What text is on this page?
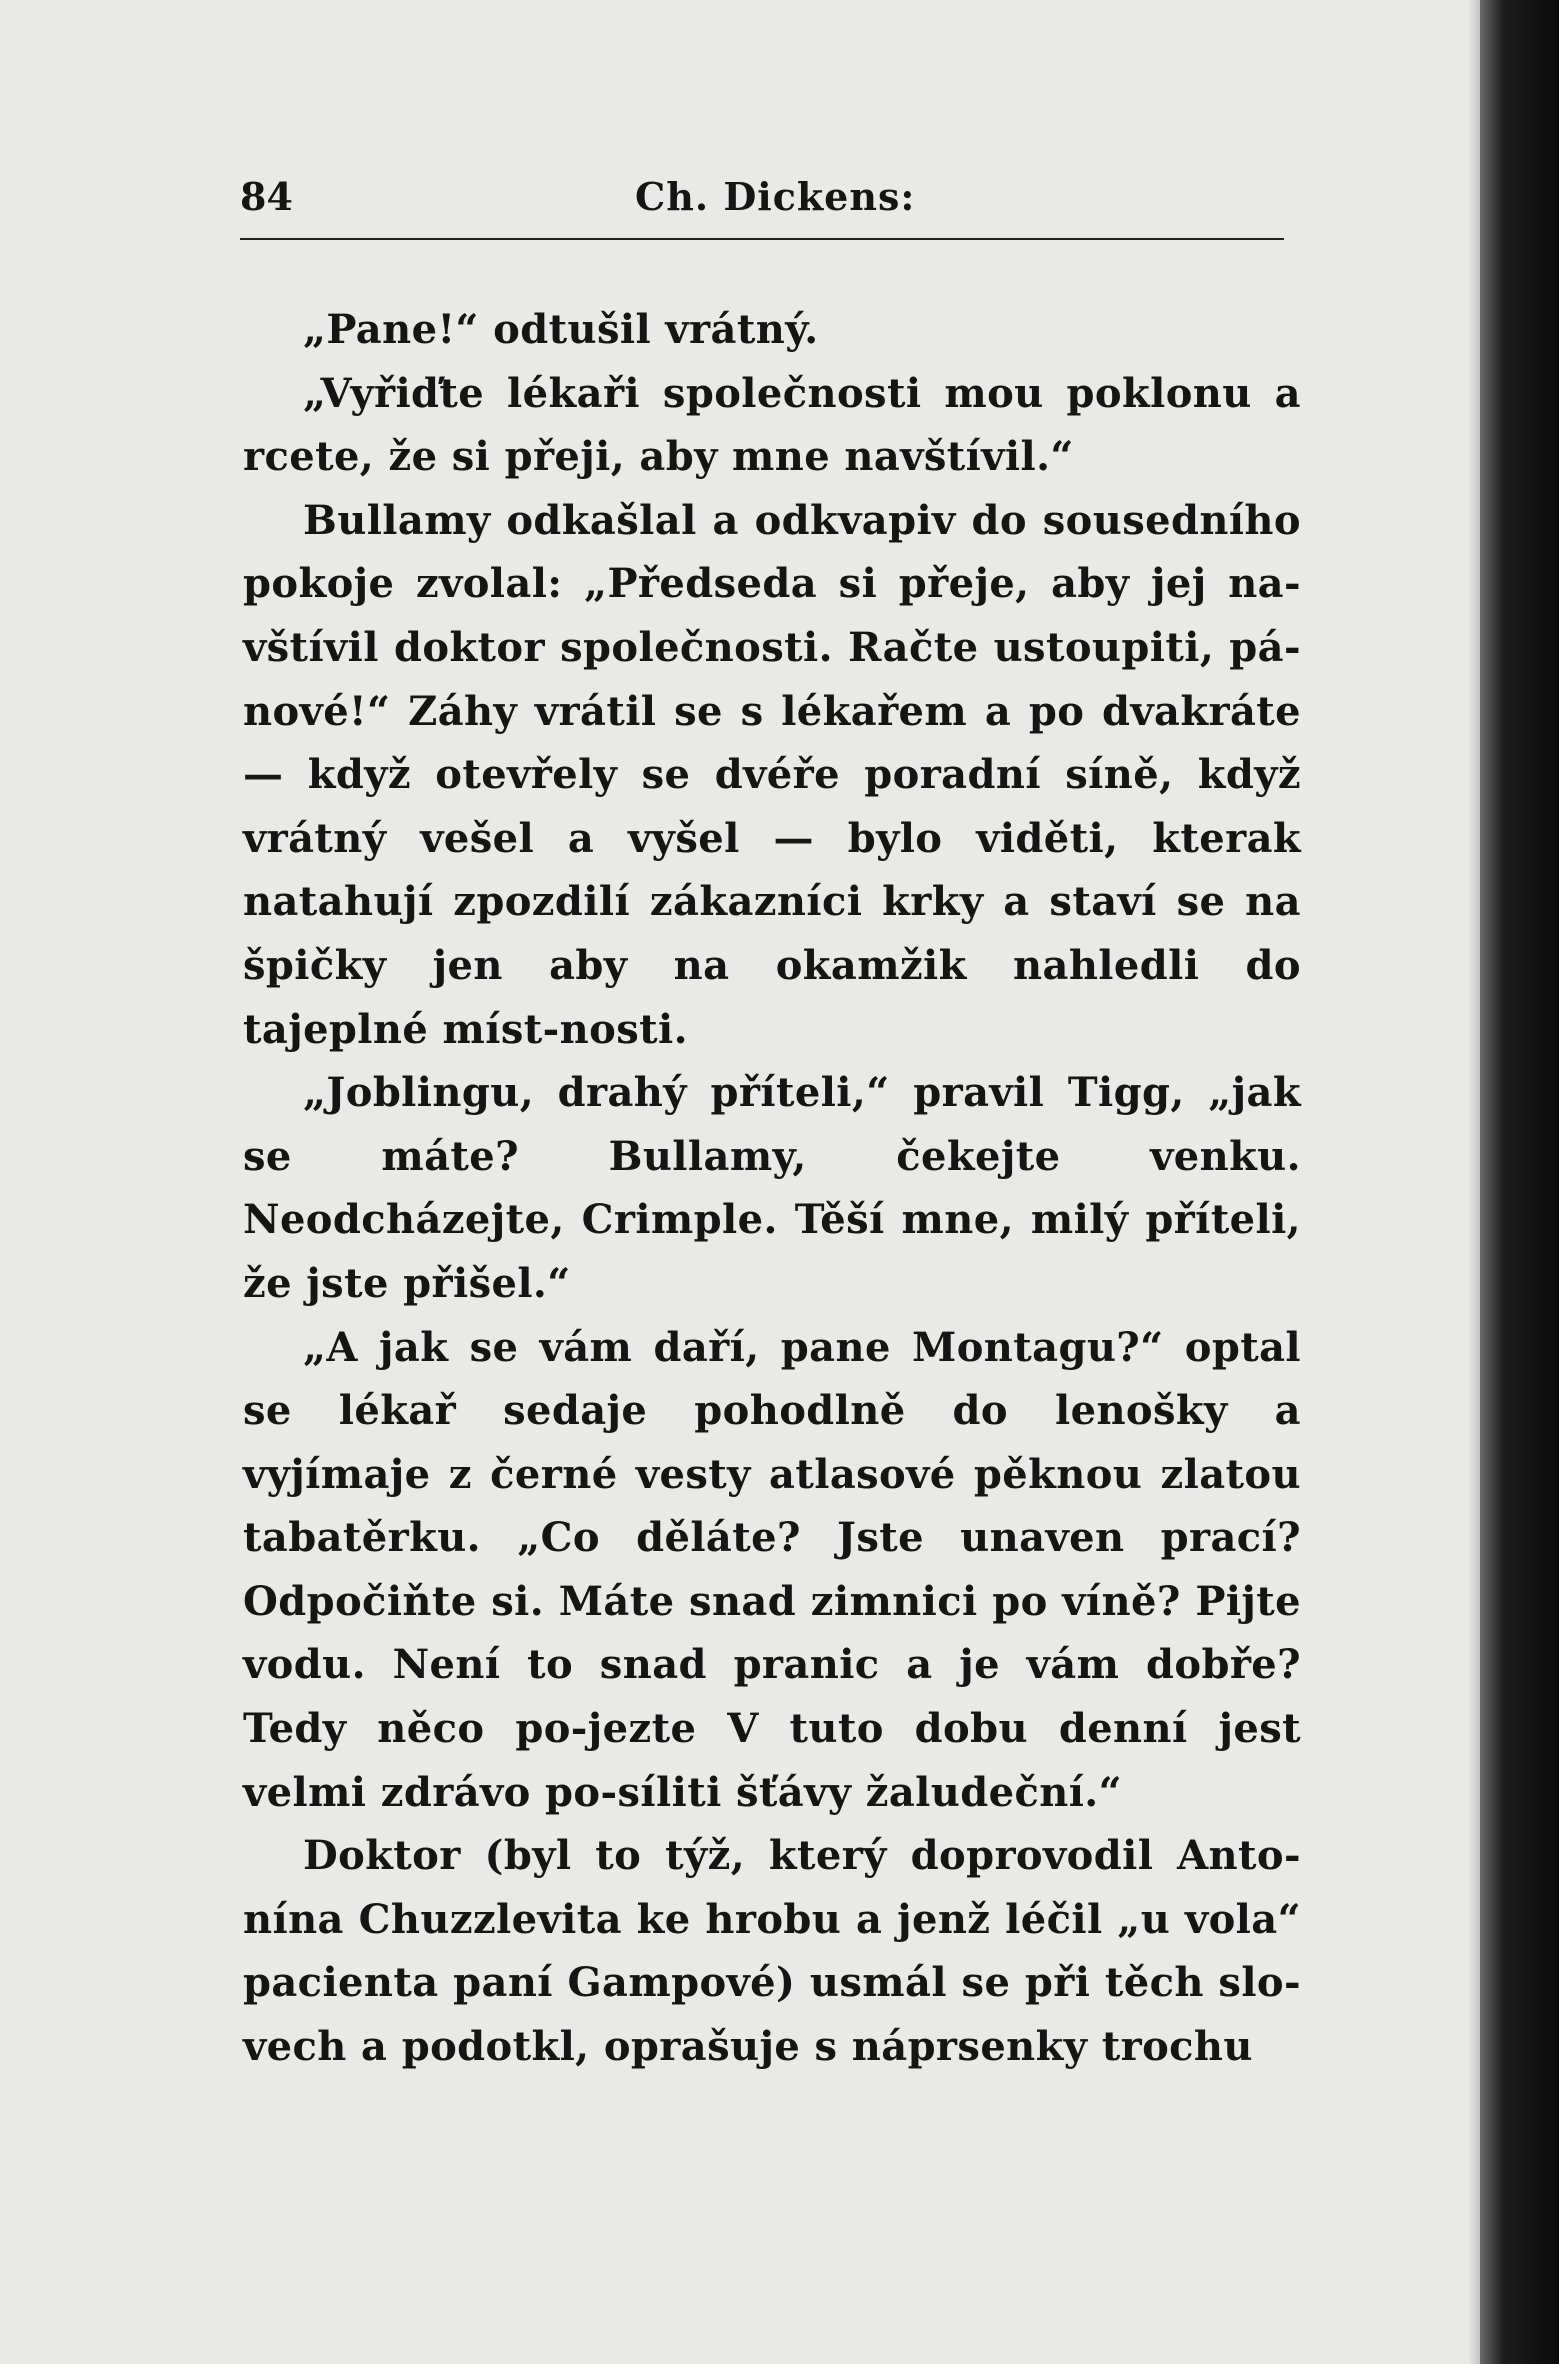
84	Ch. Dickens:

„Pane!“ odtušil vrátný.

„Vyřiďte lékaři společnosti mou poklonu a rcete, že si přeji, aby mne navštívil.“

Bullamy odkašlal a odkvapiv do sousedního pokoje zvolal: „Předseda si přeje, aby jej na-vštívil doktor společnosti. Račte ustoupiti, pá-nové!“ Záhy vrátil se s lékařem a po dvakráte — když otevřely se dvéře poradní síně, když vrátný vešel a vyšel — bylo viděti, kterak natahují zpozdilí zákazníci krky a staví se na špičky jen aby na okamžik nahledli do tajeplné míst-nosti.

„Joblingu, drahý příteli,“ pravil Tigg, „jak se máte? Bullamy, čekejte venku. Neodcházejte, Crimple. Těší mne, milý příteli, že jste přišel.“

„A jak se vám daří, pane Montagu?“ optal se lékař sedaje pohodlně do lenošky a vyjímaje z černé vesty atlasové pěknou zlatou tabatěrku. „Co děláte? Jste unaven prací? Odpočiňte si. Máte snad zimnici po víně? Pijte vodu. Není to snad pranic a je vám dobře? Tedy něco po-jezte V tuto dobu denní jest velmi zdrávo po-síliti šťávy žaludeční.“

Doktor (byl to týž, který doprovodil Anto-nína Chuzzlevita ke hrobu a jenž léčil „u vola“ pacienta paní Gampové) usmál se při těch slo-vech a podotkl, oprašuje s náprsenky trochu
